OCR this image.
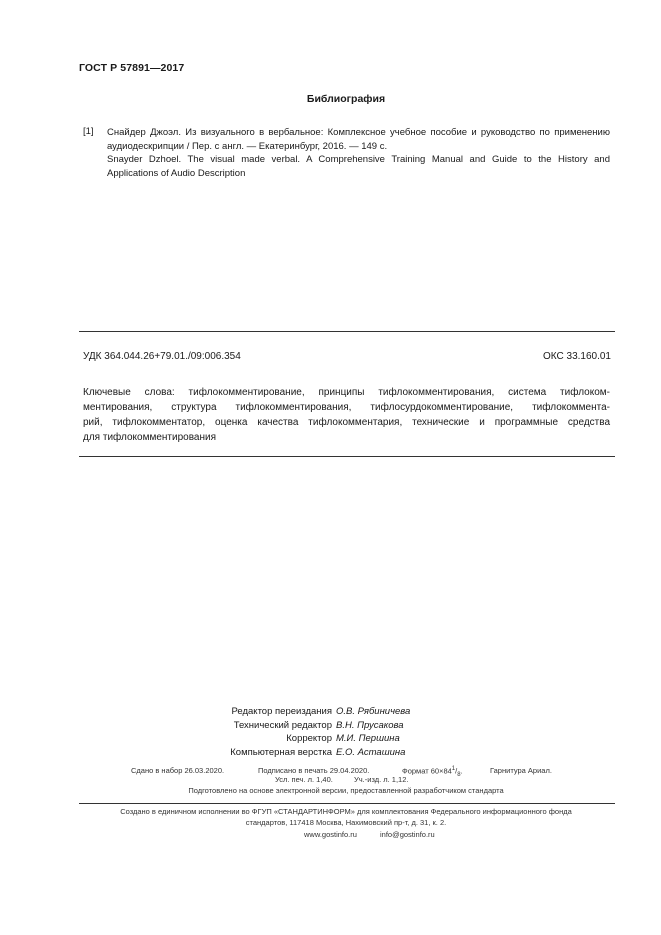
ГОСТ Р 57891—2017
Библиография
[1] Снайдер Джоэл. Из визуального в вербальное: Комплексное учебное пособие и руководство по применению
аудиодескрипции / Пер. с англ. — Екатеринбург, 2016. — 149 с.
Snayder Dzhoel. The visual made verbal. A Comprehensive Training Manual and Guide to the History and
Applications of Audio Description
УДК 364.044.26+79.01./09:006.354	ОКС 33.160.01
Ключевые слова: тифлокомментирование, принципы тифлокомментирования, система тифлоком-
ментирования, структура тифлокомментирования, тифлосурдокомментирование, тифлокоммента-
рий, тифлокомментатор, оценка качества тифлокомментария, технические и программные средства
для тифлокомментирования
Редактор переиздания О.В. Рябиничева
Технический редактор В.Н. Прусакова
Корректор М.И. Першина
Компьютерная верстка Е.О. Асташина
Сдано в набор 26.03.2020.	Подписано в печать 29.04.2020.	Формат $60\times 84^1/_8$.	Гарнитура Ариал.
Усл. печ. л. 1,40.	Уч.-изд. л. 1,12.
Подготовлено на основе электронной версии, предоставленной разработчиком стандарта
Создано в единичном исполнении во ФГУП «СТАНДАРТИНФОРМ» для комплектования Федерального информационного фонда
стандартов, 117418 Москва, Нахимовский пр-т, д. 31, к. 2.
www.gostinfo.ru	info@gostinfo.ru
